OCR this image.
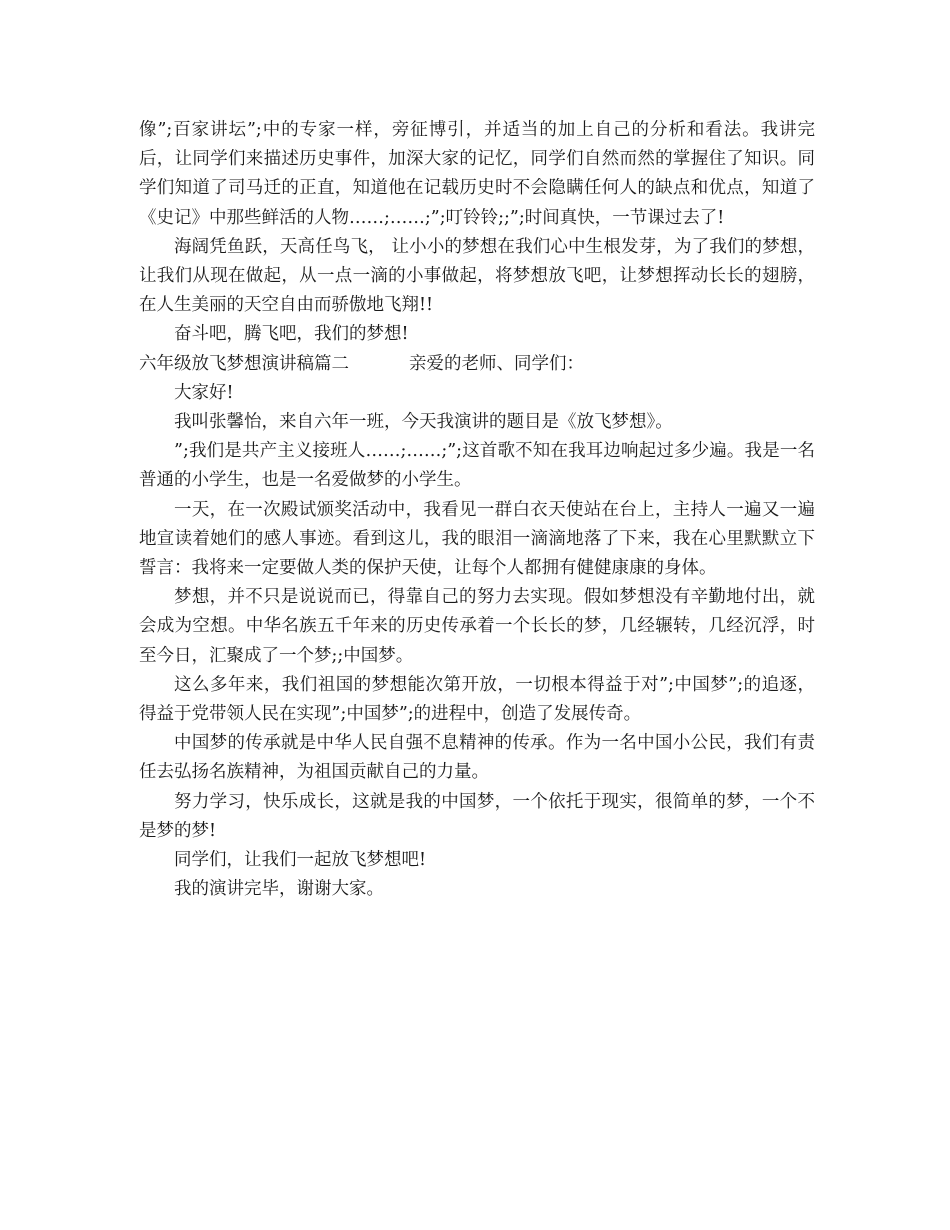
像”;百家讲坛”;中的专家一样，旁征博引，并适当的加上自己的分析和看法。我讲完后，让同学们来描述历史事件，加深大家的记忆，同学们自然而然的掌握住了知识。同学们知道了司马迁的正直，知道他在记载历史时不会隐瞒任何人的缺点和优点，知道了《史记》中那些鲜活的人物……;……;”;叮铃铃;;”;时间真快，一节课过去了!

海阔凭鱼跃，天高任鸟飞， 让小小的梦想在我们心中生根发芽，为了我们的梦想，让我们从现在做起，从一点一滴的小事做起，将梦想放飞吧，让梦想挥动长长的翅膀，在人生美丽的天空自由而骄傲地飞翔!!

奋斗吧，腾飞吧，我们的梦想!

六年级放飞梦想演讲稿篇二	亲爱的老师、同学们：

大家好!

我叫张馨怡，来自六年一班，今天我演讲的题目是《放飞梦想》。

”;我们是共产主义接班人……;……;”;这首歌不知在我耳边响起过多少遍。我是一名普通的小学生，也是一名爱做梦的小学生。

一天，在一次殿试颁奖活动中，我看见一群白衣天使站在台上，主持人一遍又一遍地宣读着她们的感人事迹。看到这儿，我的眼泪一滴滴地落了下来，我在心里默默立下誓言：我将来一定要做人类的保护天使，让每个人都拥有健健康康的身体。

梦想，并不只是说说而已，得靠自己的努力去实现。假如梦想没有辛勤地付出，就会成为空想。中华名族五千年来的历史传承着一个长长的梦，几经辗转，几经沉浮，时至今日，汇聚成了一个梦;;中国梦。

这么多年来，我们祖国的梦想能次第开放，一切根本得益于对”;中国梦”;的追逐，得益于党带领人民在实现”;中国梦”;的进程中，创造了发展传奇。

中国梦的传承就是中华人民自强不息精神的传承。作为一名中国小公民，我们有责任去弘扬名族精神，为祖国贡献自己的力量。

努力学习，快乐成长，这就是我的中国梦，一个依托于现实，很简单的梦，一个不是梦的梦!

同学们，让我们一起放飞梦想吧!

我的演讲完毕，谢谢大家。
